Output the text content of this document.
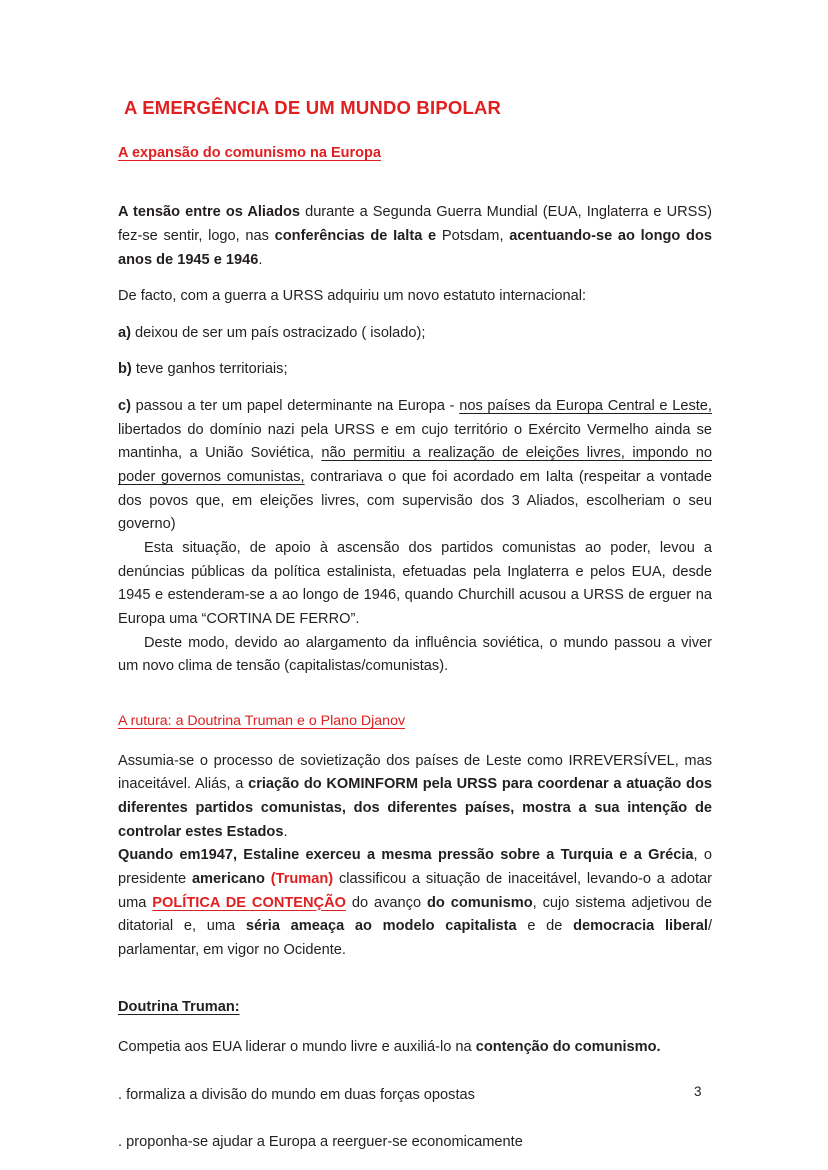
A EMERGÊNCIA DE UM MUNDO BIPOLAR
A expansão do comunismo na Europa

A tensão entre os Aliados durante a Segunda Guerra Mundial (EUA, Inglaterra e URSS) fez-se sentir, logo, nas conferências de Ialta e Potsdam, acentuando-se ao longo dos anos de 1945 e 1946.

De facto, com a guerra a URSS adquiriu um novo estatuto internacional:

a) deixou de ser um país ostracizado ( isolado);

b) teve ganhos territoriais;

c) passou a ter um papel determinante na Europa - nos países da Europa Central e Leste, libertados do domínio nazi pela URSS e em cujo território o Exército Vermelho ainda se mantinha, a União Soviética, não permitiu a realização de eleições livres, impondo no poder governos comunistas, contrariava o que foi acordado em Ialta (respeitar a vontade dos povos que, em eleições livres, com supervisão dos 3 Aliados, escolheriam o seu governo)

Esta situação, de apoio à ascensão dos partidos comunistas ao poder, levou a denúncias públicas da política estalinista, efetuadas pela Inglaterra e pelos EUA, desde 1945 e estenderam-se a ao longo de 1946, quando Churchill acusou a URSS de erguer na Europa uma “CORTINA DE FERRO”.

Deste modo, devido ao alargamento da influência soviética, o mundo passou a viver um novo clima de tensão (capitalistas/comunistas).

A rutura: a Doutrina Truman e o Plano Djanov

Assumia-se o processo de sovietização dos países de Leste como IRREVERSÍVEL, mas inaceitável. Aliás, a criação do KOMINFORM pela URSS para coordenar a atuação dos diferentes partidos comunistas, dos diferentes países, mostra a sua intenção de controlar estes Estados.

Quando em1947, Estaline exerceu a mesma pressão sobre a Turquia e a Grécia, o presidente americano (Truman) classificou a situação de inaceitável, levando-o a adotar uma POLÍTICA DE CONTENÇÃO do avanço do comunismo, cujo sistema adjetivou de ditatorial e, uma séria ameaça ao modelo capitalista e de democracia liberal/ parlamentar, em vigor no Ocidente.

Doutrina Truman:

Competia aos EUA liderar o mundo livre e auxiliá-lo na contenção do comunismo.

. formaliza a divisão do mundo em duas forças opostas

. proponha-se ajudar a Europa a reerguer-se economicamente

3
